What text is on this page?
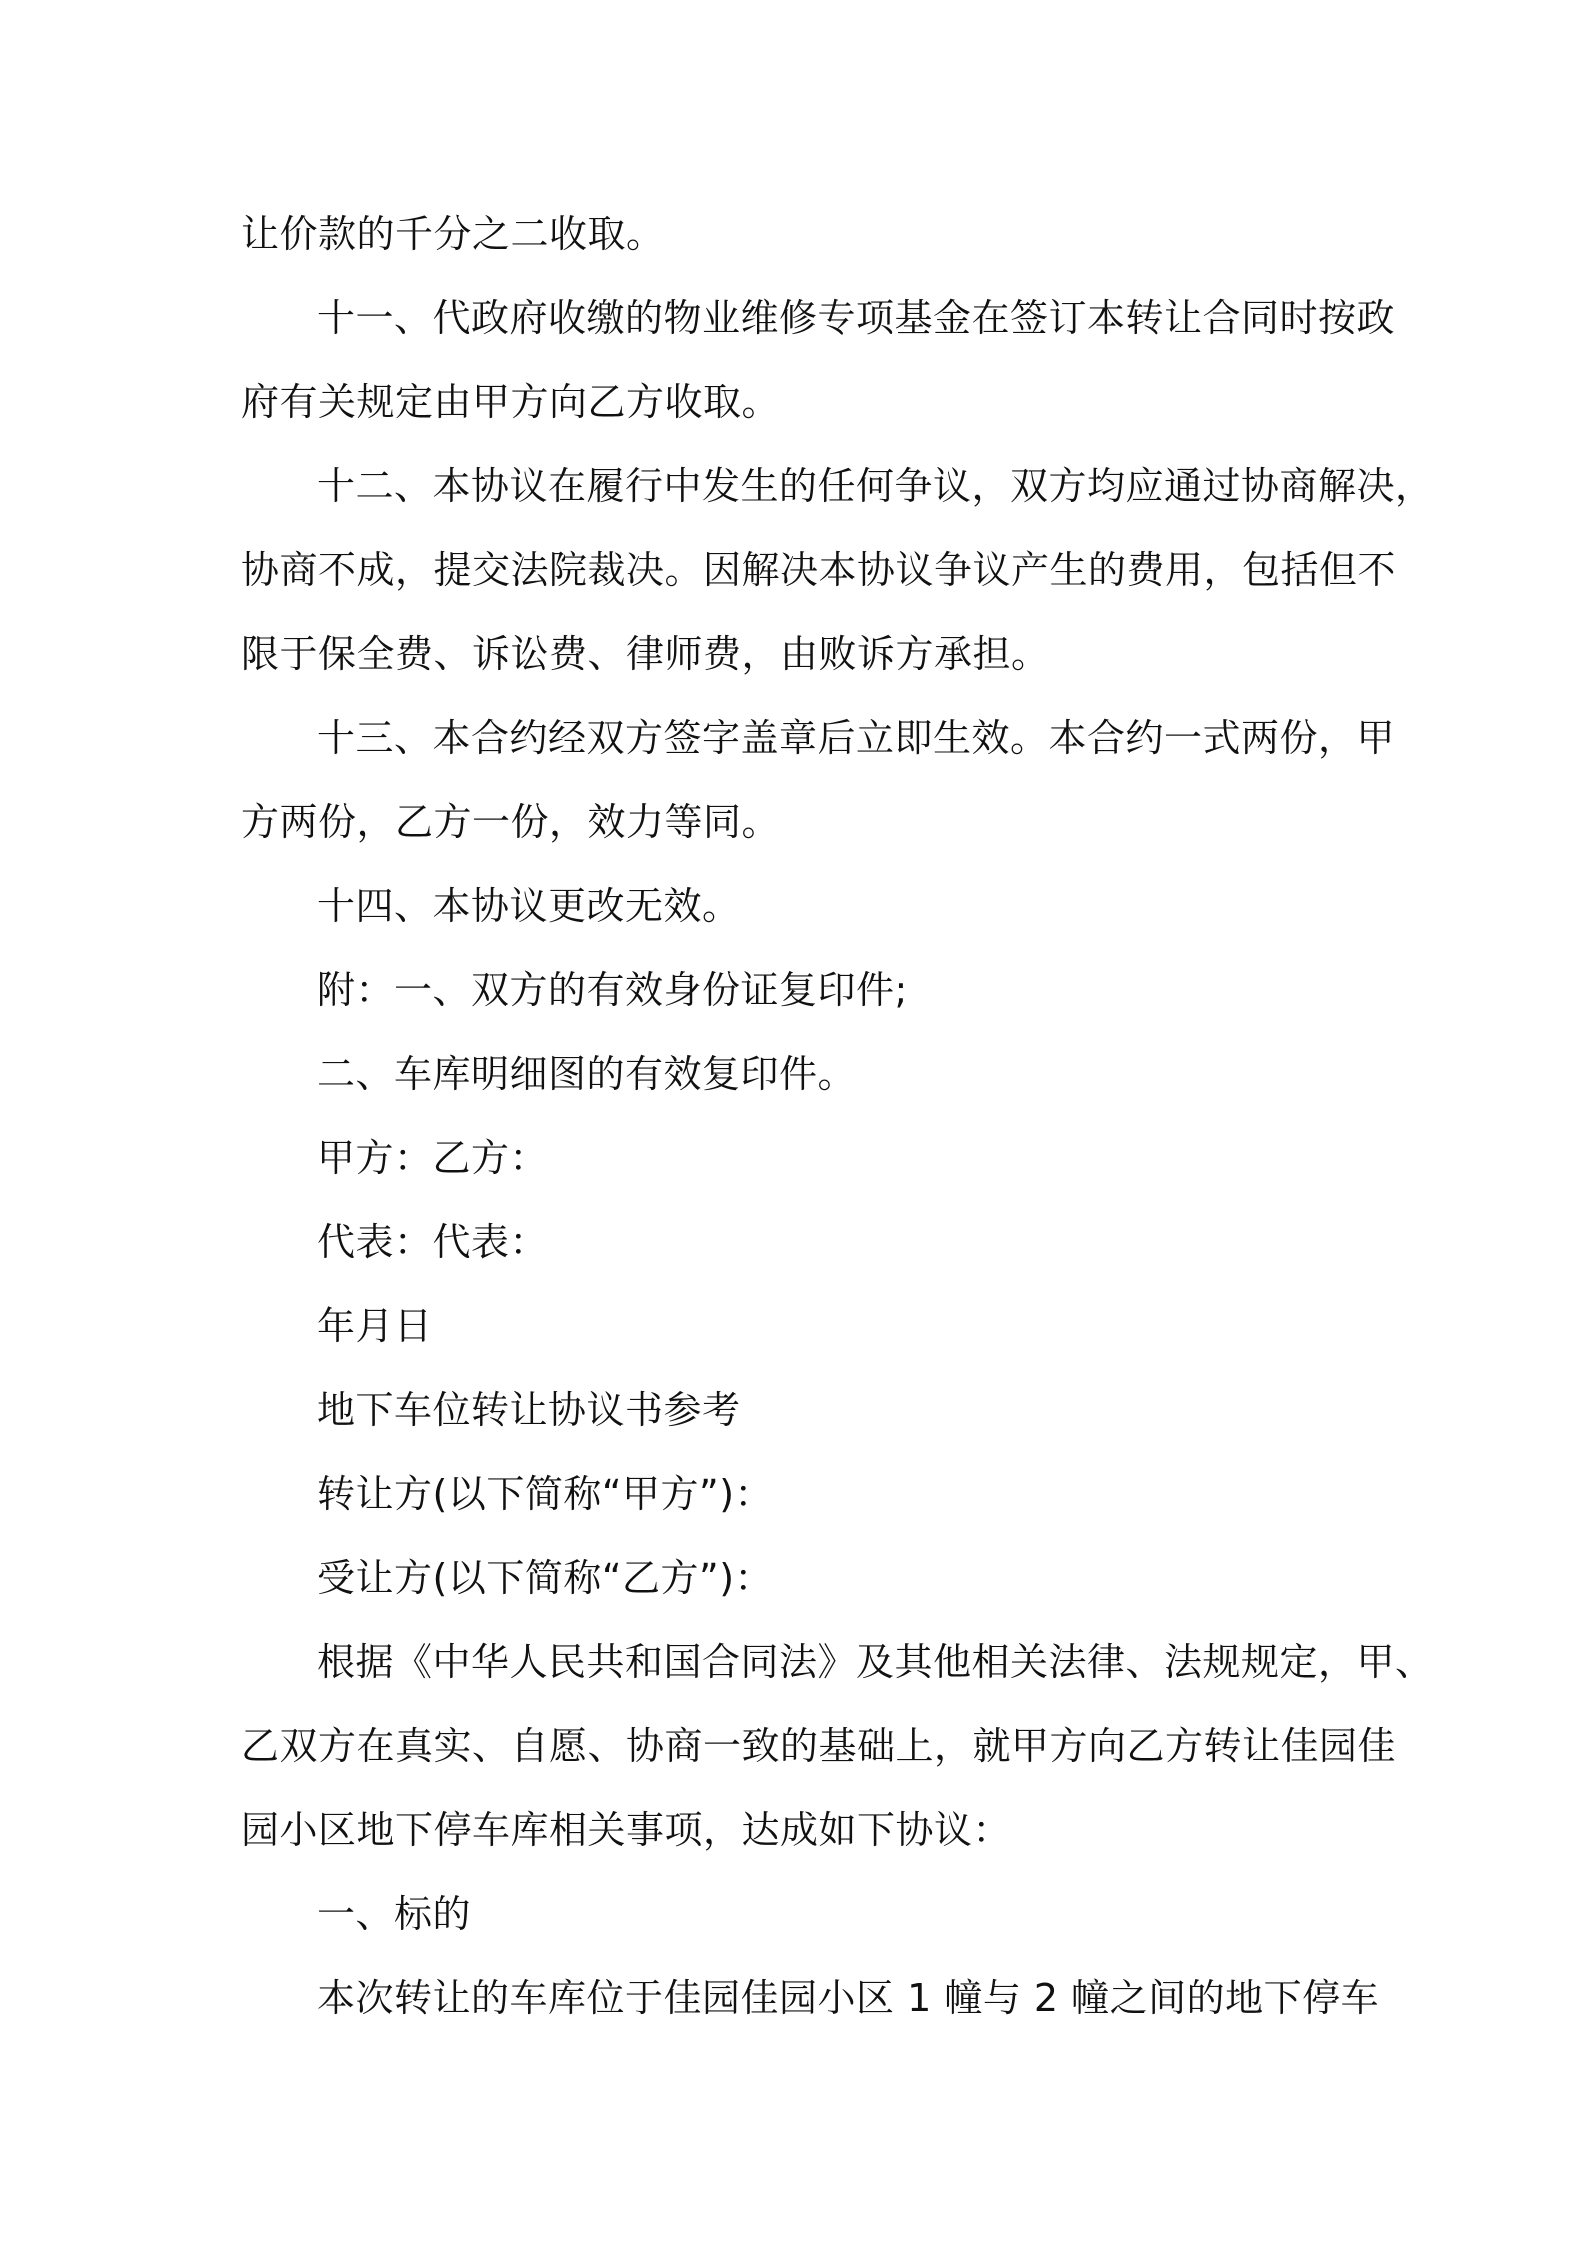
让价款的千分之二收取。

十一、代政府收缴的物业维修专项基金在签订本转让合同时按政
府有关规定由甲方向乙方收取。

十二、本协议在履行中发生的任何争议，双方均应通过协商解决，
协商不成，提交法院裁决。因解决本协议争议产生的费用，包括但不
限于保全费、诉讼费、律师费，由败诉方承担。

十三、本合约经双方签字盖章后立即生效。本合约一式两份，甲
方两份，乙方一份，效力等同。

十四、本协议更改无效。

附：一、双方的有效身份证复印件;

二、车库明细图的有效复印件。

甲方：乙方：

代表：代表：

年月日

地下车位转让协议书参考

转让方(以下简称“甲方”)：

受让方(以下简称“乙方”)：

根据《中华人民共和国合同法》及其他相关法律、法规规定，甲、
乙双方在真实、自愿、协商一致的基础上，就甲方向乙方转让佳园佳
园小区地下停车库相关事项，达成如下协议：

一、标的

本次转让的车库位于佳园佳园小区 1 幢与 2 幢之间的地下停车
